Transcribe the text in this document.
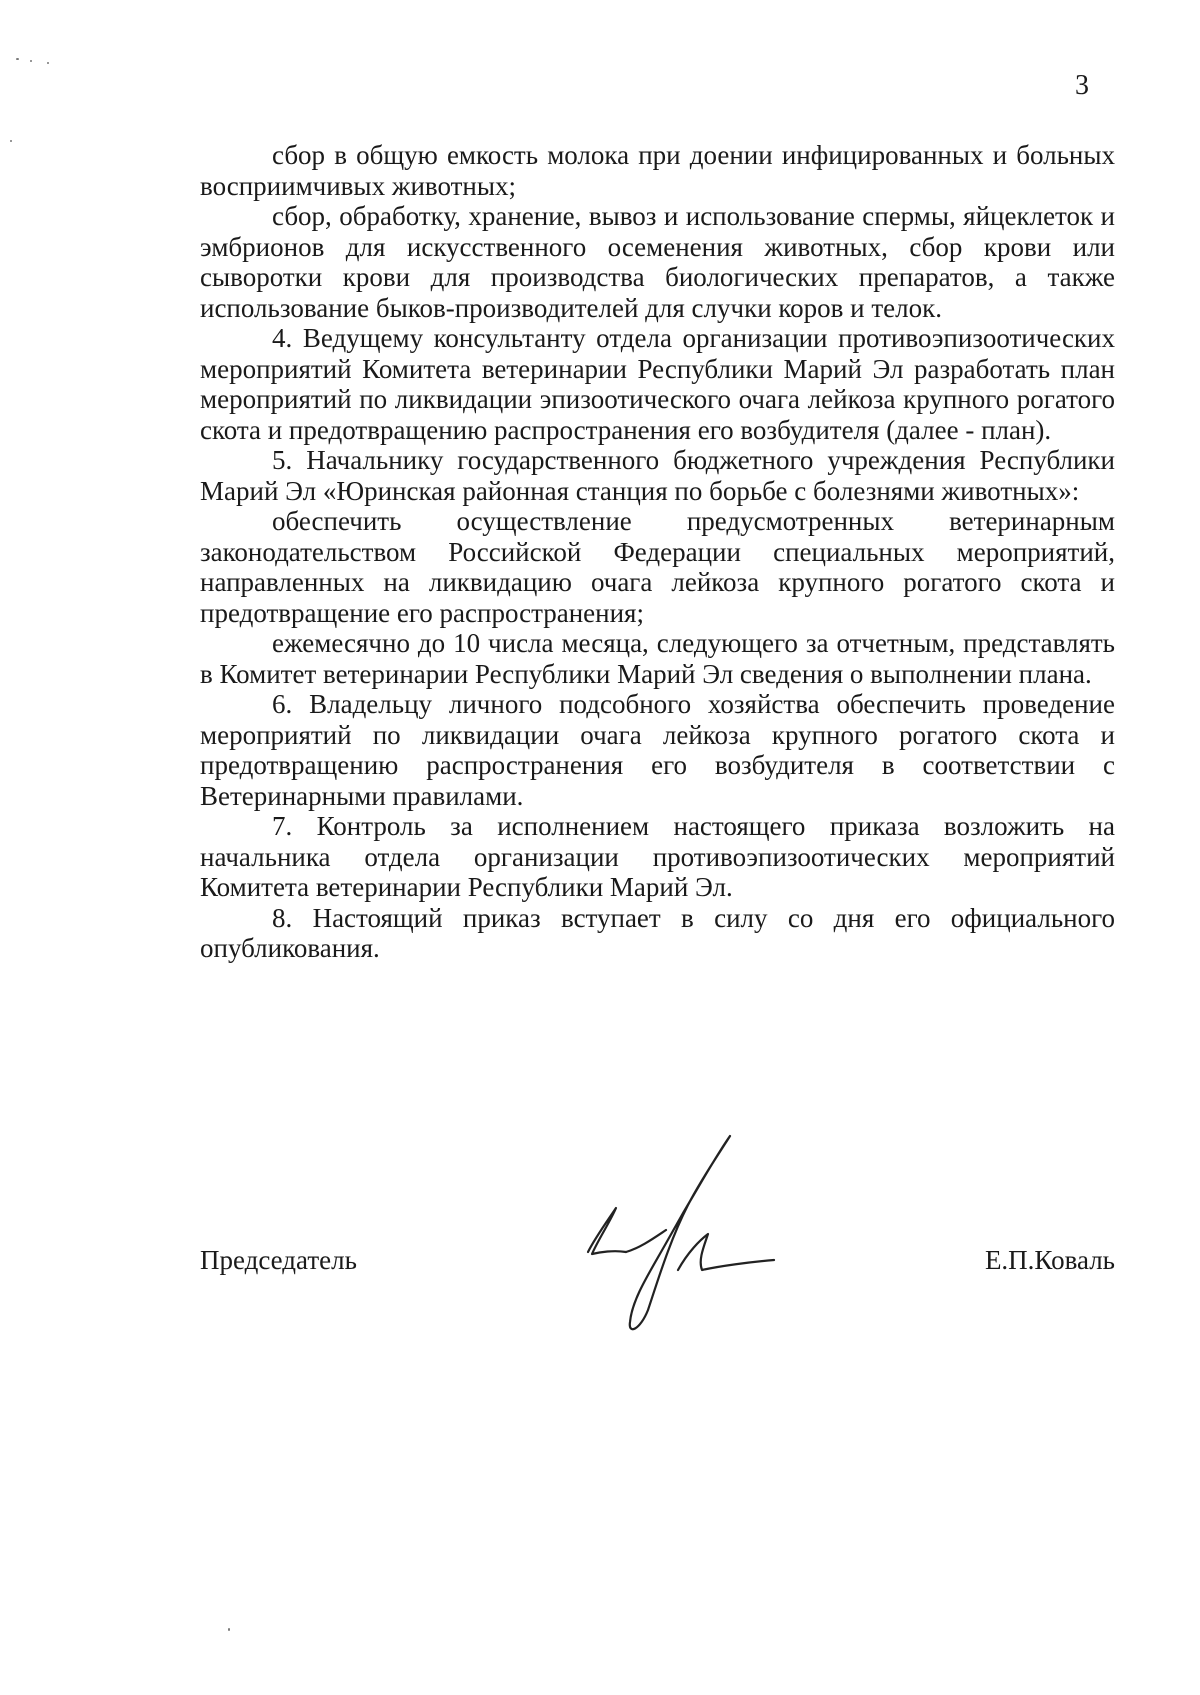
3

сбор в общую емкость молока при доении инфицированных и больных восприимчивых животных;

сбор, обработку, хранение, вывоз и использование спермы, яйцеклеток и эмбрионов для искусственного осеменения животных, сбор крови или сыворотки крови для производства биологических препаратов, а также использование быков-производителей для случки коров и телок.

4. Ведущему консультанту отдела организации противоэпизоотических мероприятий Комитета ветеринарии Республики Марий Эл разработать план мероприятий по ликвидации эпизоотического очага лейкоза крупного рогатого скота и предотвращению распространения его возбудителя (далее - план).

5. Начальнику государственного бюджетного учреждения Республики Марий Эл «Юринская районная станция по борьбе с болезнями животных»:

обеспечить осуществление предусмотренных ветеринарным законодательством Российской Федерации специальных мероприятий, направленных на ликвидацию очага лейкоза крупного рогатого скота и предотвращение его распространения;

ежемесячно до 10 числа месяца, следующего за отчетным, представлять в Комитет ветеринарии Республики Марий Эл сведения о выполнении плана.

6. Владельцу личного подсобного хозяйства обеспечить проведение мероприятий по ликвидации очага лейкоза крупного рогатого скота и предотвращению распространения его возбудителя в соответствии с Ветеринарными правилами.

7. Контроль за исполнением настоящего приказа возложить на начальника отдела организации противоэпизоотических мероприятий Комитета ветеринарии Республики Марий Эл.

8. Настоящий приказ вступает в силу со дня его официального опубликования.

Председатель	Е.П.Коваль
